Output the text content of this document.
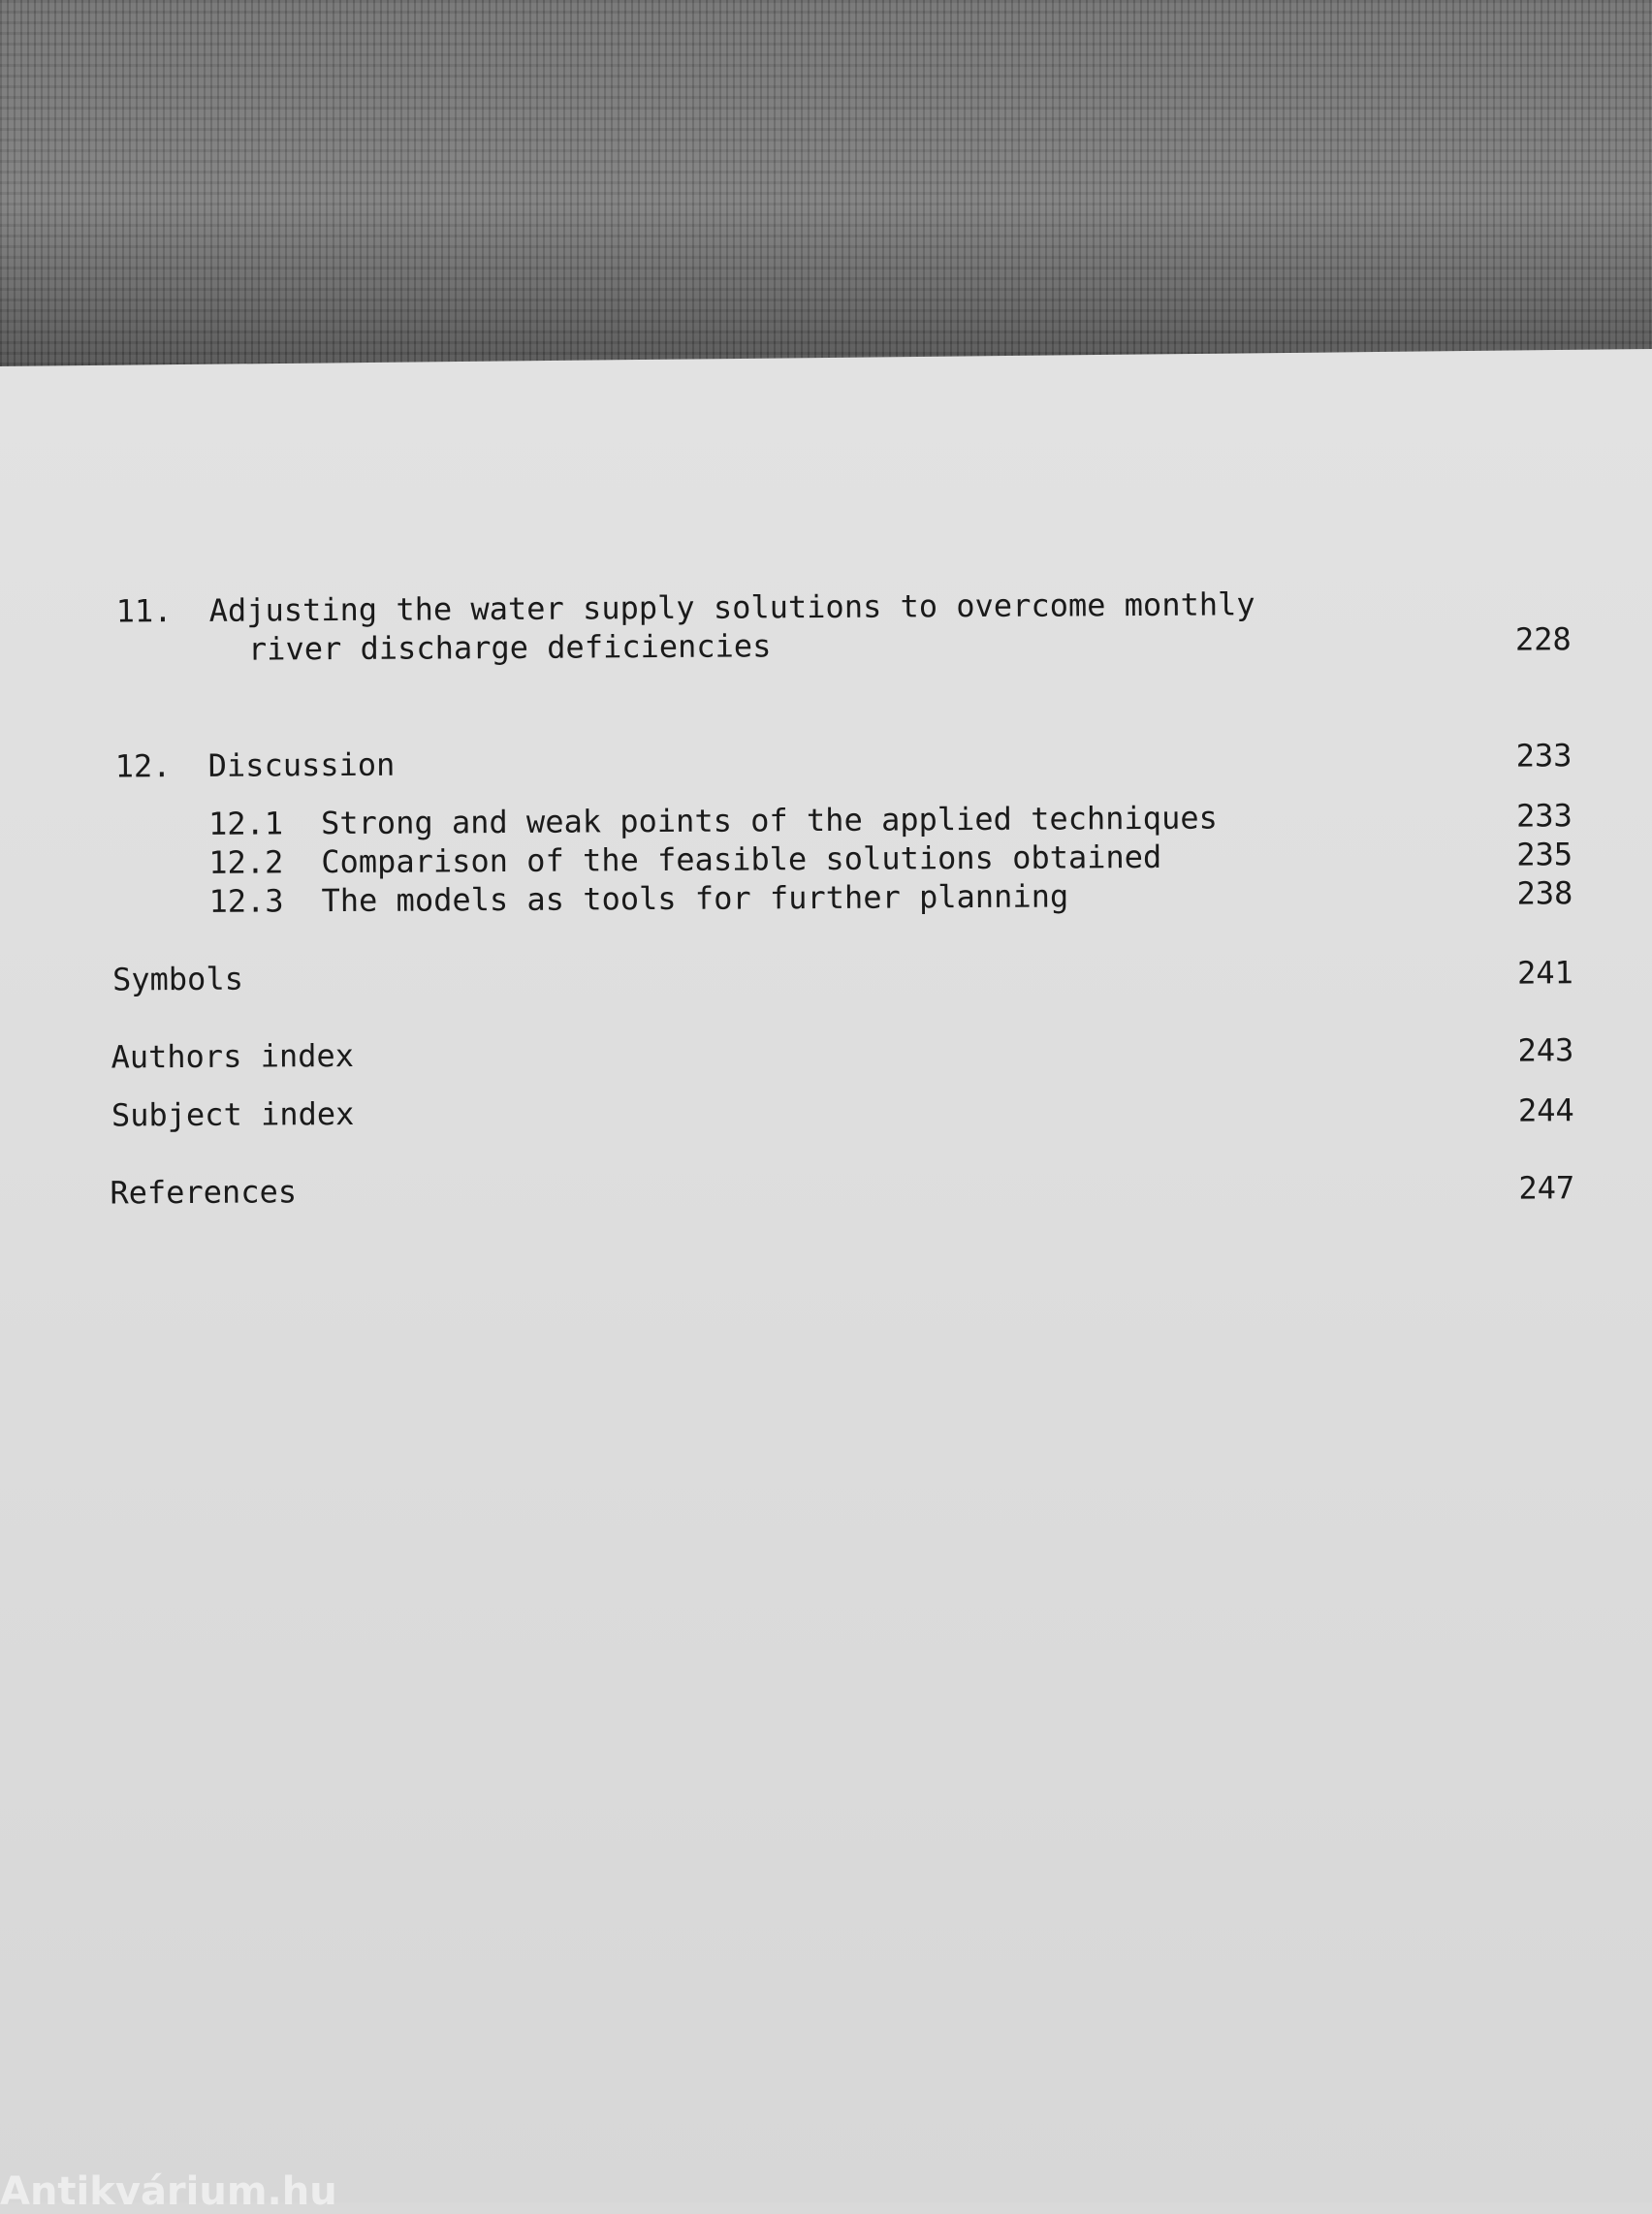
11. Adjusting the water supply solutions to overcome monthly
river discharge deficiencies	228
12. Discussion	233
12.1 Strong and weak points of the applied techniques	233
12.2 Comparison of the feasible solutions obtained	235
12.3 The models as tools for further planning	238
Symbols	241
Authors index	243
Subject index	244
References	247
Antikvárium.hu
